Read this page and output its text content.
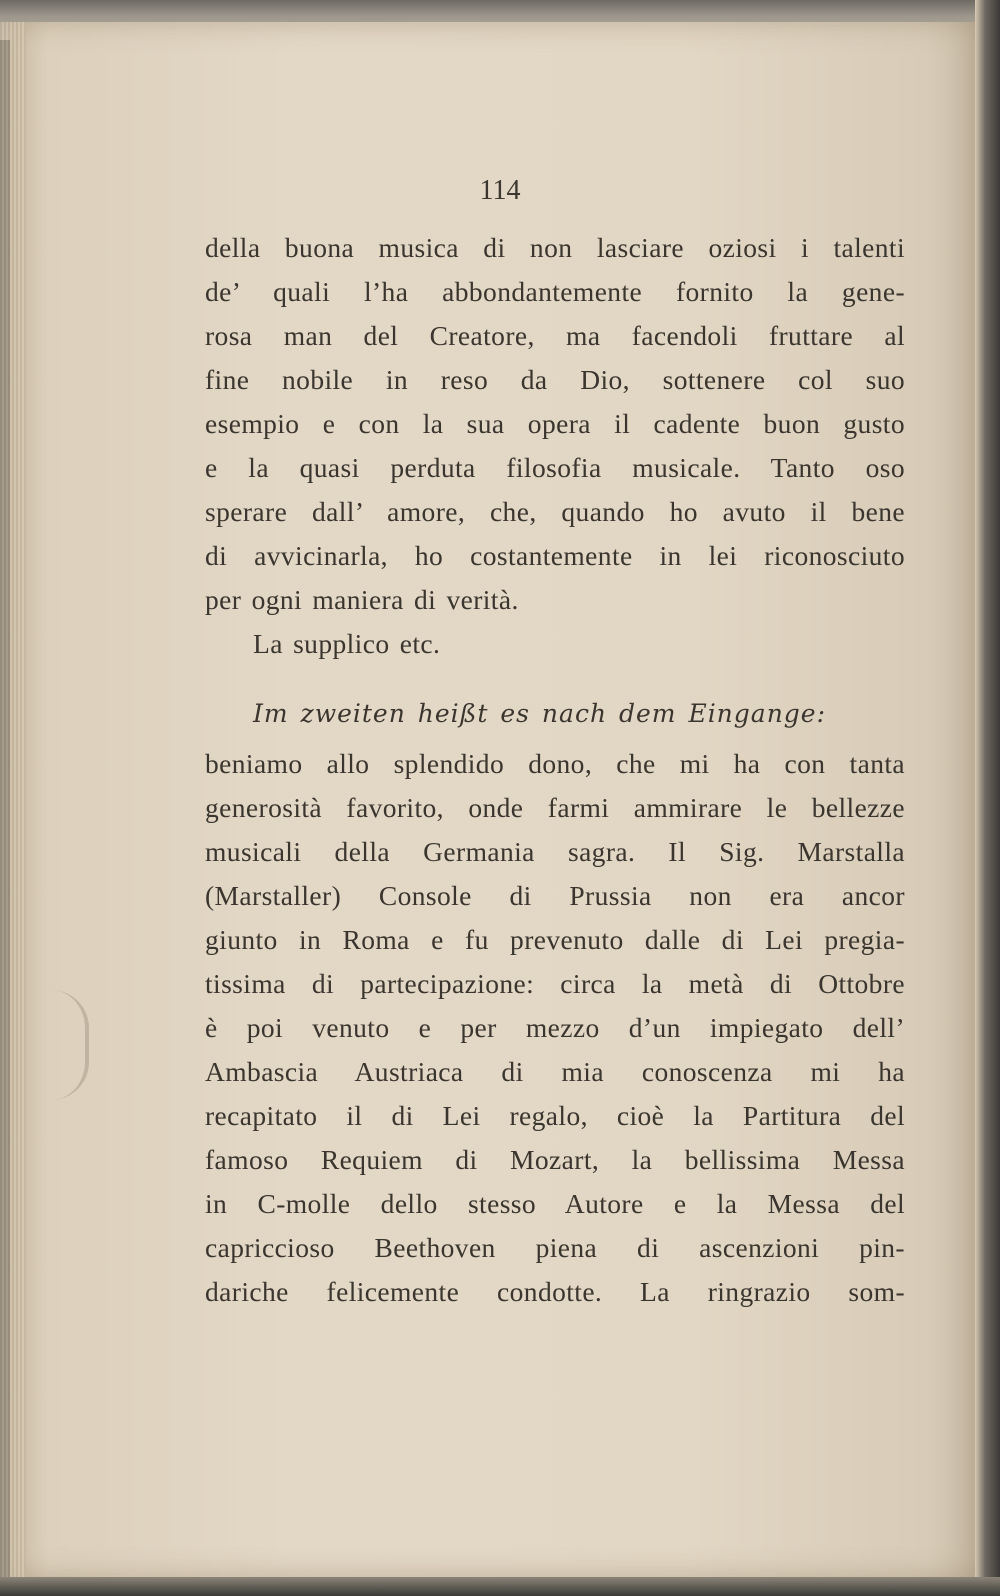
114
della buona musica di non lasciare oziosi i talenti
de’ quali l’ha abbondantemente fornito la gene-
rosa man del Creatore, ma facendoli fruttare al
fine nobile in reso da Dio, sottenere col suo
esempio e con la sua opera il cadente buon gusto
e la quasi perduta filosofia musicale. Tanto oso
sperare dall’ amore, che, quando ho avuto il bene
di avvicinarla, ho costantemente in lei riconosciuto
per ogni maniera di verità.
La supplico etc.
Im zweiten heißt es nach dem Eingange:
beniamo allo splendido dono, che mi ha con tanta
generosità favorito, onde farmi ammirare le bellezze
musicali della Germania sagra. Il Sig. Marstalla
(Marstaller) Console di Prussia non era ancor
giunto in Roma e fu prevenuto dalle di Lei pregia-
tissima di partecipazione: circa la metà di Ottobre
è poi venuto e per mezzo d’un impiegato dell’
Ambascia Austriaca di mia conoscenza mi ha
recapitato il di Lei regalo, cioè la Partitura del
famoso Requiem di Mozart, la bellissima Messa
in C-molle dello stesso Autore e la Messa del
capriccioso Beethoven piena di ascenzioni pin-
dariche felicemente condotte. La ringrazio som-
